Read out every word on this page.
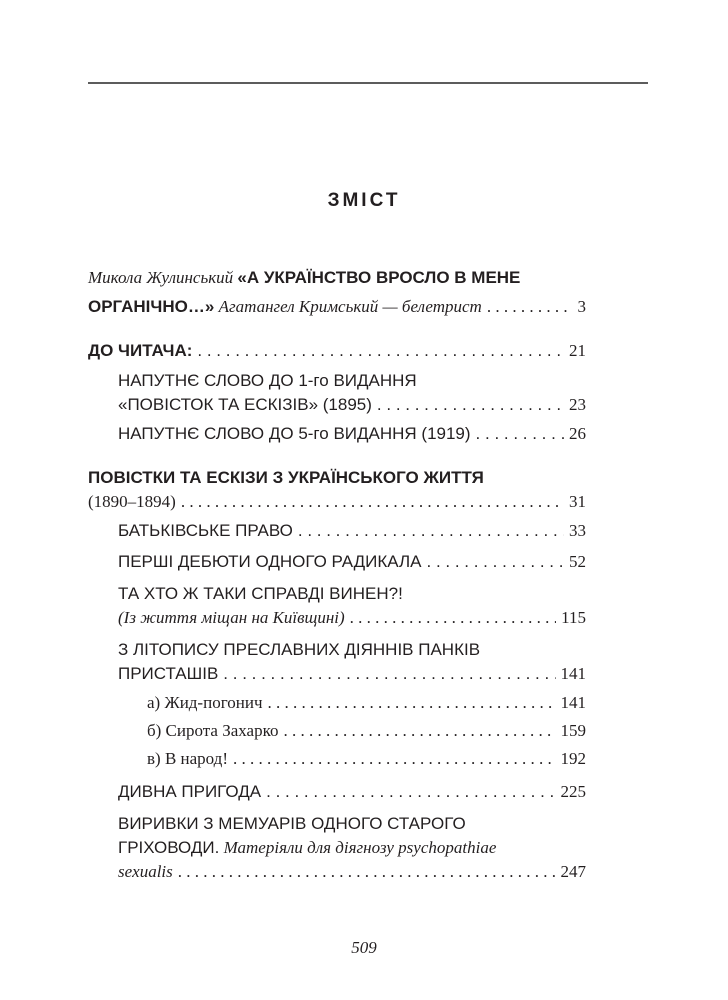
ЗМІСТ
Микола Жулинський «А УКРАЇНСТВО ВРОСЛО В МЕНЕ
ОРГАНІЧНО…» Агатангел Кримський — белетрист . . .	3
ДО ЧИТАЧА: . . .	21
НАПУТНЄ СЛОВО ДО 1-го ВИДАННЯ
«ПОВІСТОК ТА ЕСКІЗІВ» (1895) . . .	23
НАПУТНЄ СЛОВО ДО 5-го ВИДАННЯ (1919) . . .	26
ПОВІСТКИ ТА ЕСКІЗИ З УКРАЇНСЬКОГО ЖИТТЯ
(1890–1894) . . .	31
БАТЬКІВСЬКЕ ПРАВО . . .	33
ПЕРШІ ДЕБЮТИ ОДНОГО РАДИКАЛА . . .	52
ТА ХТО Ж ТАКИ СПРАВДІ ВИНЕН?!
(Із життя міщан на Київщині) . . .	115
З ЛІТОПИСУ ПРЕСЛАВНИХ ДІЯННІВ ПАНКІВ
ПРИСТАШІВ . . .	141
а) Жид-погонич . . .	141
б) Сирота Захарко . . .	159
в) В народ! . . .	192
ДИВНА ПРИГОДА . . .	225
ВИРИВКИ З МЕМУАРІВ ОДНОГО СТАРОГО
ГРІХОВОДИ. Матеріяли для діягнозу psychopathiae
sexualis . . .	247
509
